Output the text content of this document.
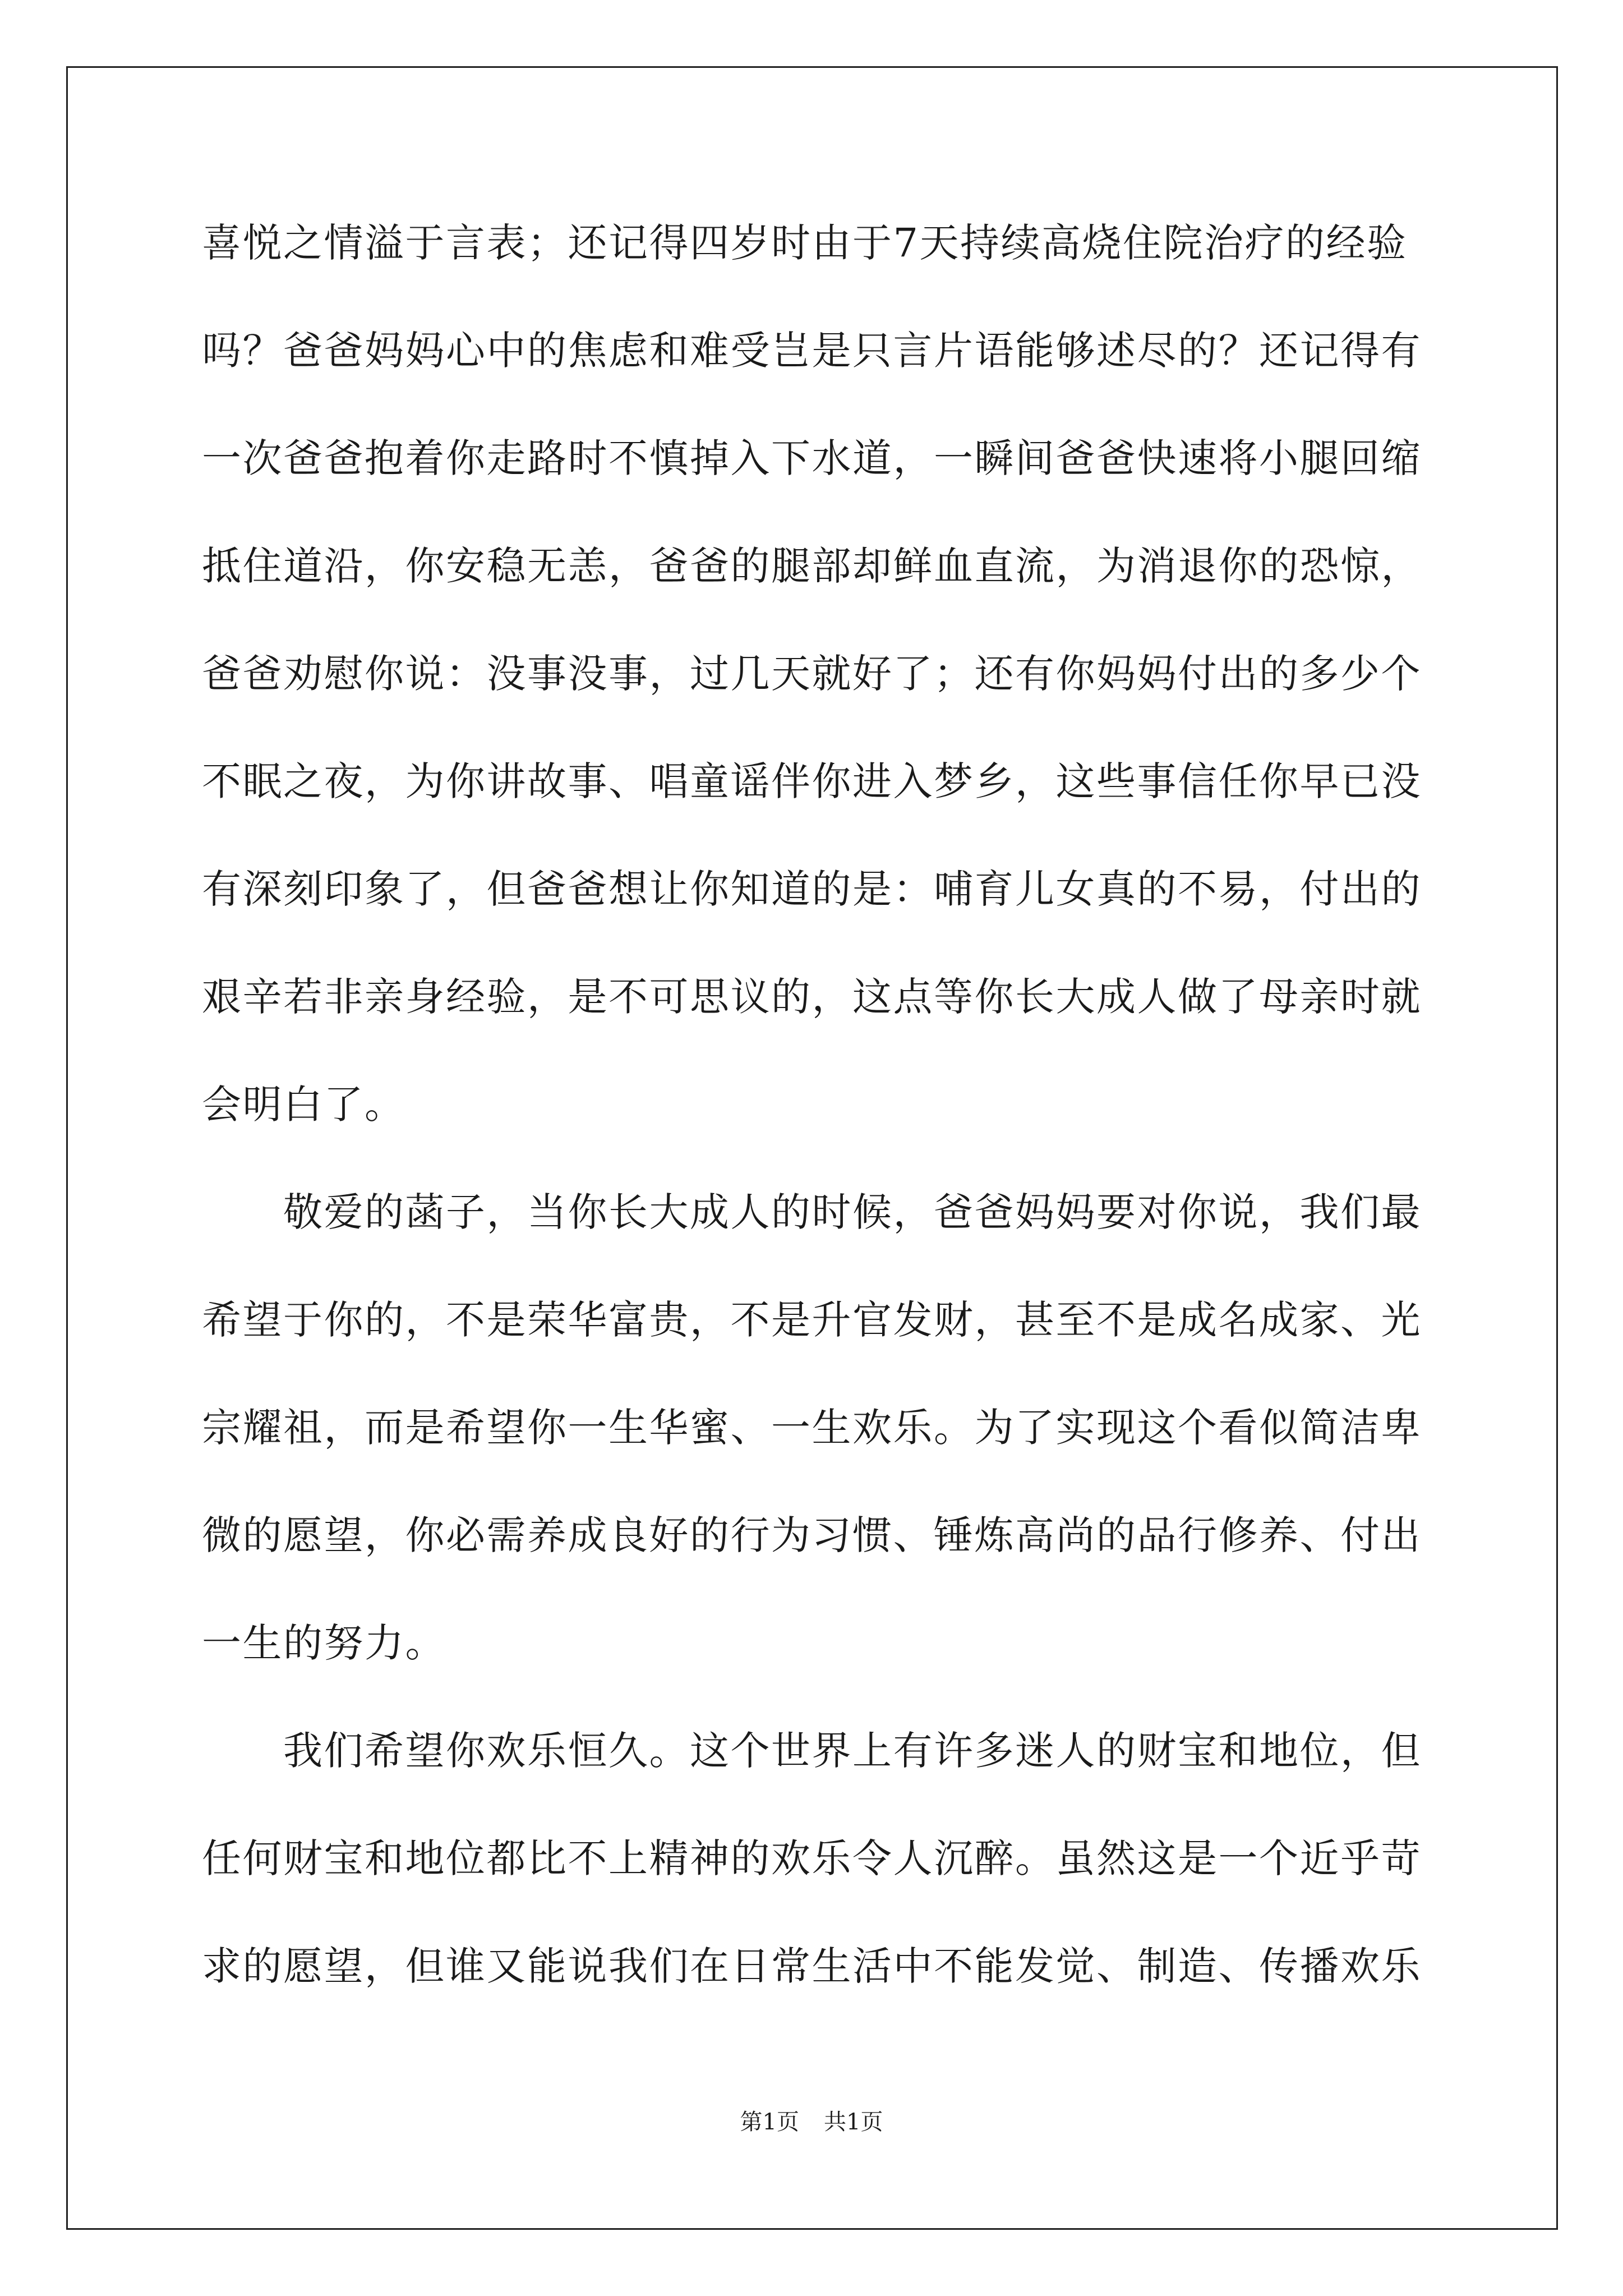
喜悦之情溢于言表；还记得四岁时由于7天持续高烧住院治疗的经验
吗？爸爸妈妈心中的焦虑和难受岂是只言片语能够述尽的？还记得有
一次爸爸抱着你走路时不慎掉入下水道，一瞬间爸爸快速将小腿回缩
抵住道沿，你安稳无恙，爸爸的腿部却鲜血直流，为消退你的恐惊，
爸爸劝慰你说：没事没事，过几天就好了；还有你妈妈付出的多少个
不眠之夜，为你讲故事、唱童谣伴你进入梦乡，这些事信任你早已没
有深刻印象了，但爸爸想让你知道的是：哺育儿女真的不易，付出的
艰辛若非亲身经验，是不可思议的，这点等你长大成人做了母亲时就
会明白了。
　　敬爱的菡子，当你长大成人的时候，爸爸妈妈要对你说，我们最
希望于你的，不是荣华富贵，不是升官发财，甚至不是成名成家、光
宗耀祖，而是希望你一生华蜜、一生欢乐。为了实现这个看似简洁卑
微的愿望，你必需养成良好的行为习惯、锤炼高尚的品行修养、付出
一生的努力。
　　我们希望你欢乐恒久。这个世界上有许多迷人的财宝和地位，但
任何财宝和地位都比不上精神的欢乐令人沉醉。虽然这是一个近乎苛
求的愿望，但谁又能说我们在日常生活中不能发觉、制造、传播欢乐
第1页 共1页
